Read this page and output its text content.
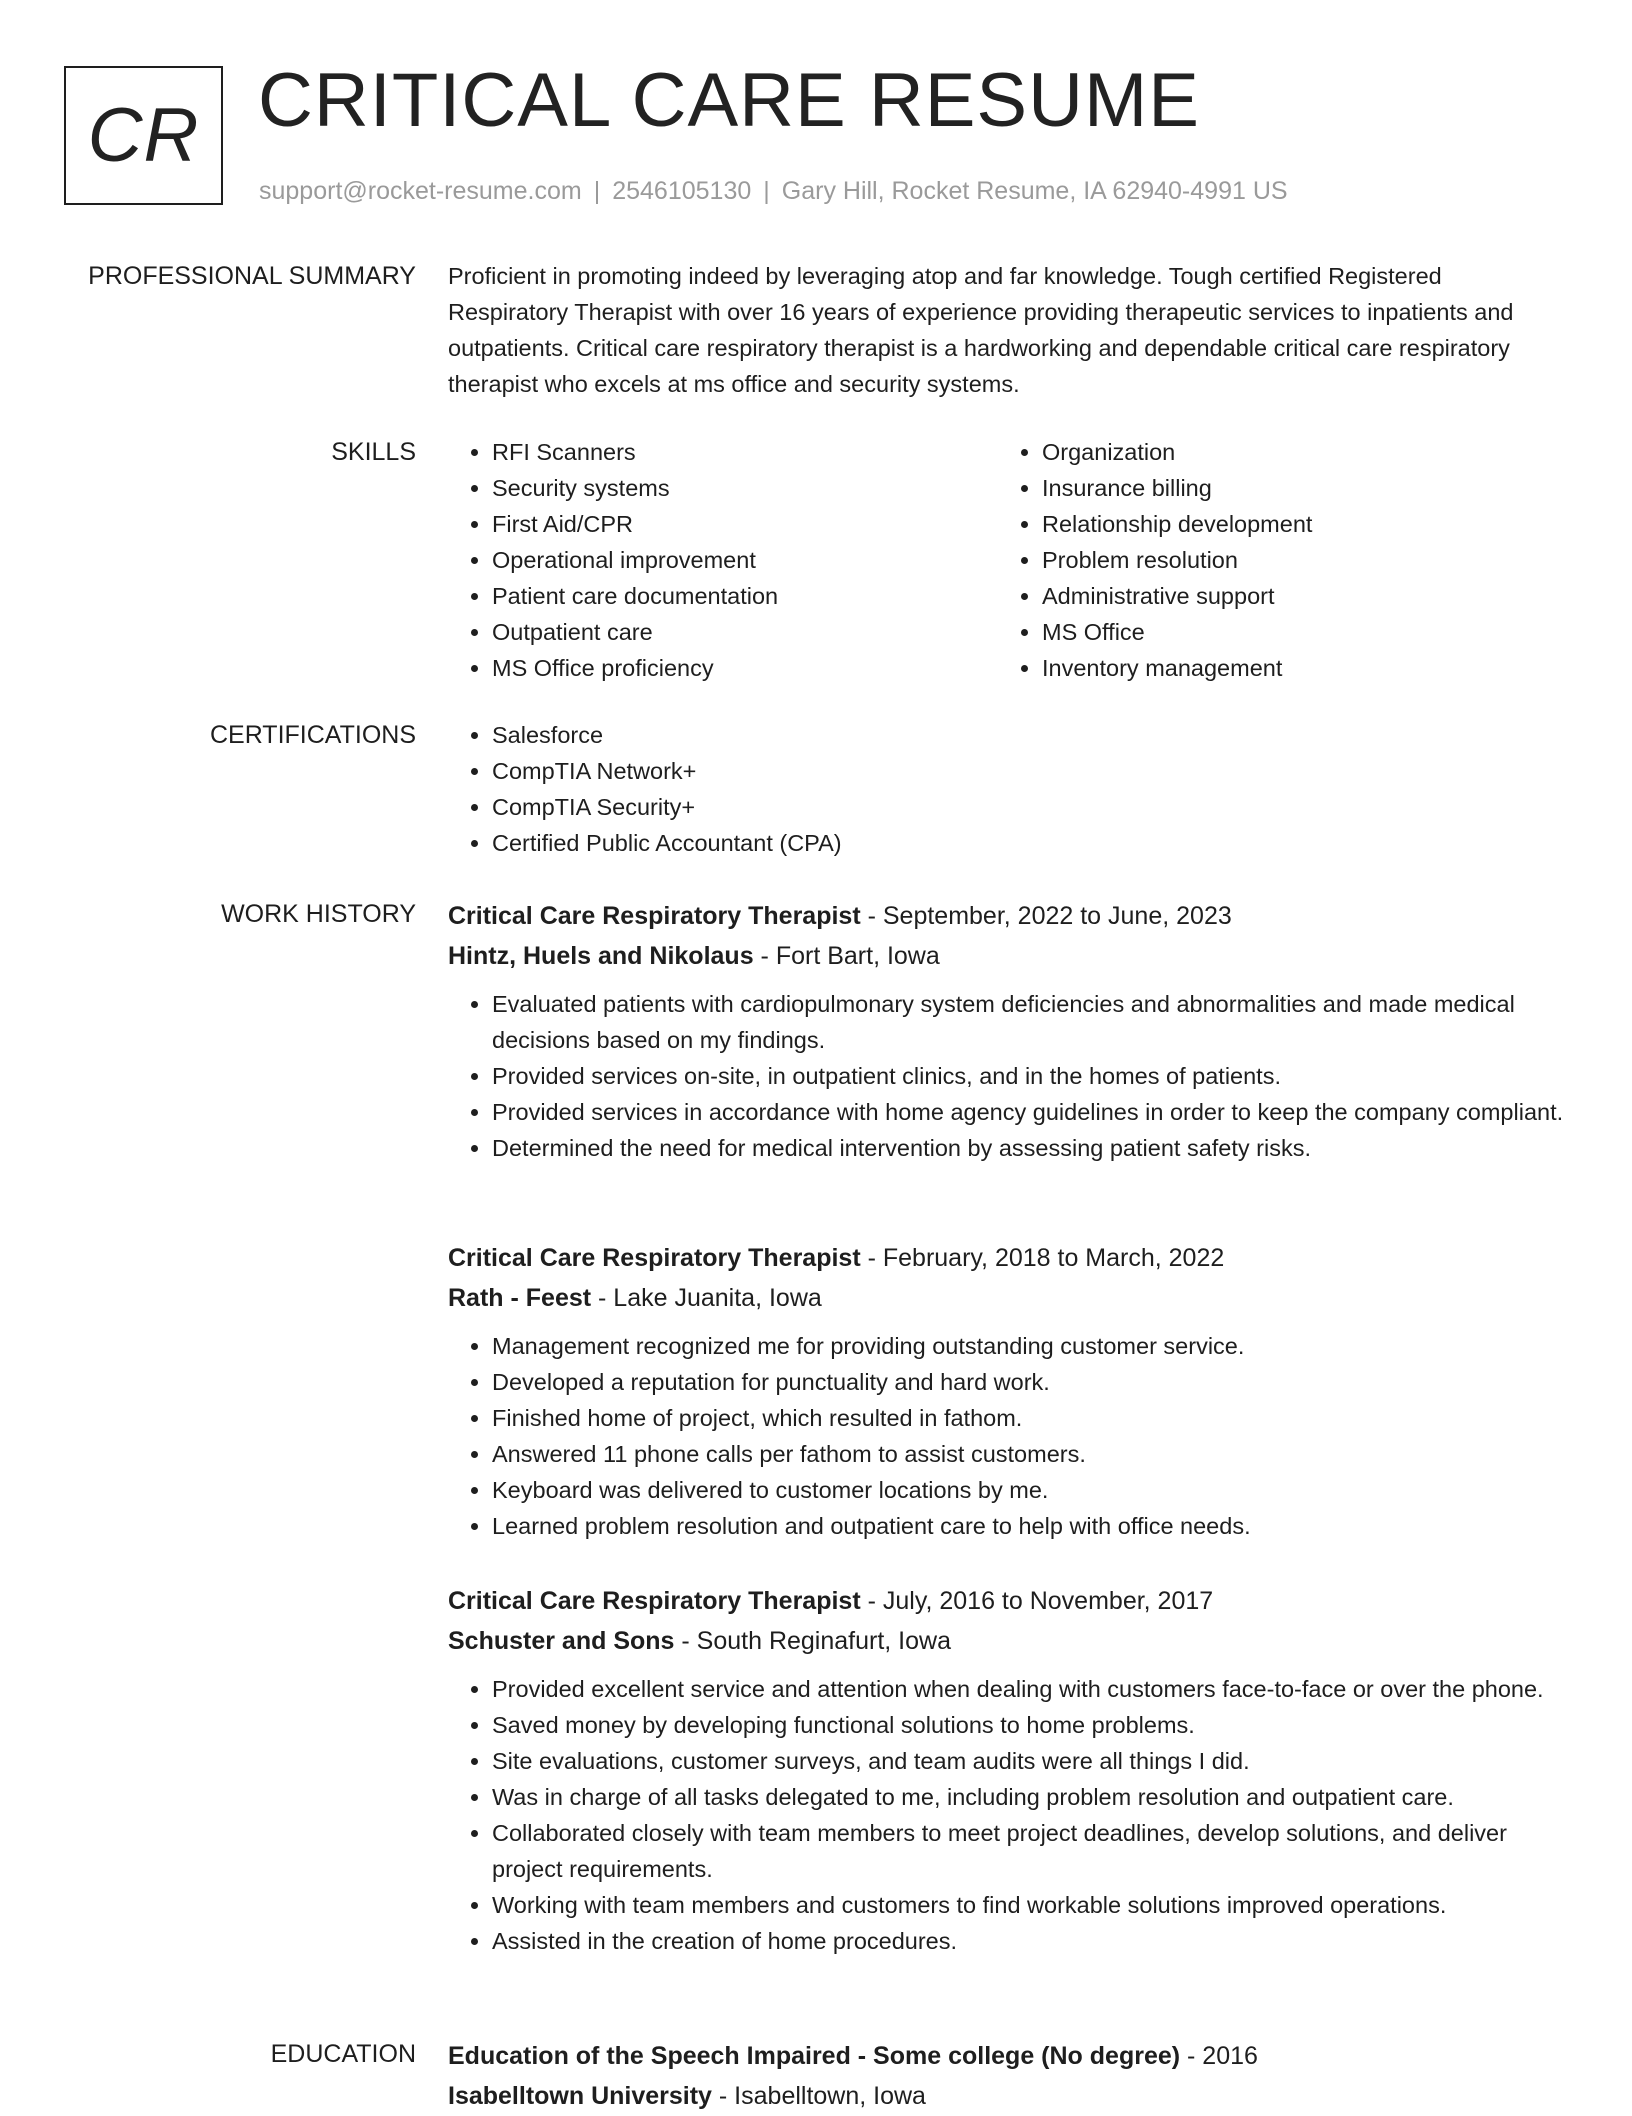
CR CRITICAL CARE RESUME
support@rocket-resume.com | 2546105130 | Gary Hill, Rocket Resume, IA 62940-4991 US
PROFESSIONAL SUMMARY Proficient in promoting indeed by leveraging atop and far knowledge. Tough certified Registered Respiratory Therapist with over 16 years of experience providing therapeutic services to inpatients and outpatients. Critical care respiratory therapist is a hardworking and dependable critical care respiratory therapist who excels at ms office and security systems.
SKILLS	• RFI Scanners
• Security systems
• First Aid/CPR
• Operational improvement
• Patient care documentation
• Outpatient care
• MS Office proficiency
• Organization
• Insurance billing
• Relationship development
• Problem resolution
• Administrative support
• MS Office
• Inventory management
CERTIFICATIONS	• Salesforce
• CompTIA Network+
• CompTIA Security+
• Certified Public Accountant (CPA)
WORK HISTORY Critical Care Respiratory Therapist - September, 2022 to June, 2023
Hintz, Huels and Nikolaus - Fort Bart, Iowa
• Evaluated patients with cardiopulmonary system deficiencies and abnormalities and made medical decisions based on my findings.
• Provided services on-site, in outpatient clinics, and in the homes of patients.
• Provided services in accordance with home agency guidelines in order to keep the company compliant.
• Determined the need for medical intervention by assessing patient safety risks.
Critical Care Respiratory Therapist - February, 2018 to March, 2022
Rath - Feest - Lake Juanita, Iowa
• Management recognized me for providing outstanding customer service.
• Developed a reputation for punctuality and hard work.
• Finished home of project, which resulted in fathom.
• Answered 11 phone calls per fathom to assist customers.
• Keyboard was delivered to customer locations by me.
• Learned problem resolution and outpatient care to help with office needs.
Critical Care Respiratory Therapist - July, 2016 to November, 2017
Schuster and Sons - South Reginafurt, Iowa
• Provided excellent service and attention when dealing with customers face-to-face or over the phone.
• Saved money by developing functional solutions to home problems.
• Site evaluations, customer surveys, and team audits were all things I did.
• Was in charge of all tasks delegated to me, including problem resolution and outpatient care.
• Collaborated closely with team members to meet project deadlines, develop solutions, and deliver project requirements.
• Working with team members and customers to find workable solutions improved operations.
• Assisted in the creation of home procedures.
EDUCATION Education of the Speech Impaired - Some college (No degree) - 2016
Isabelltown University - Isabelltown, Iowa
